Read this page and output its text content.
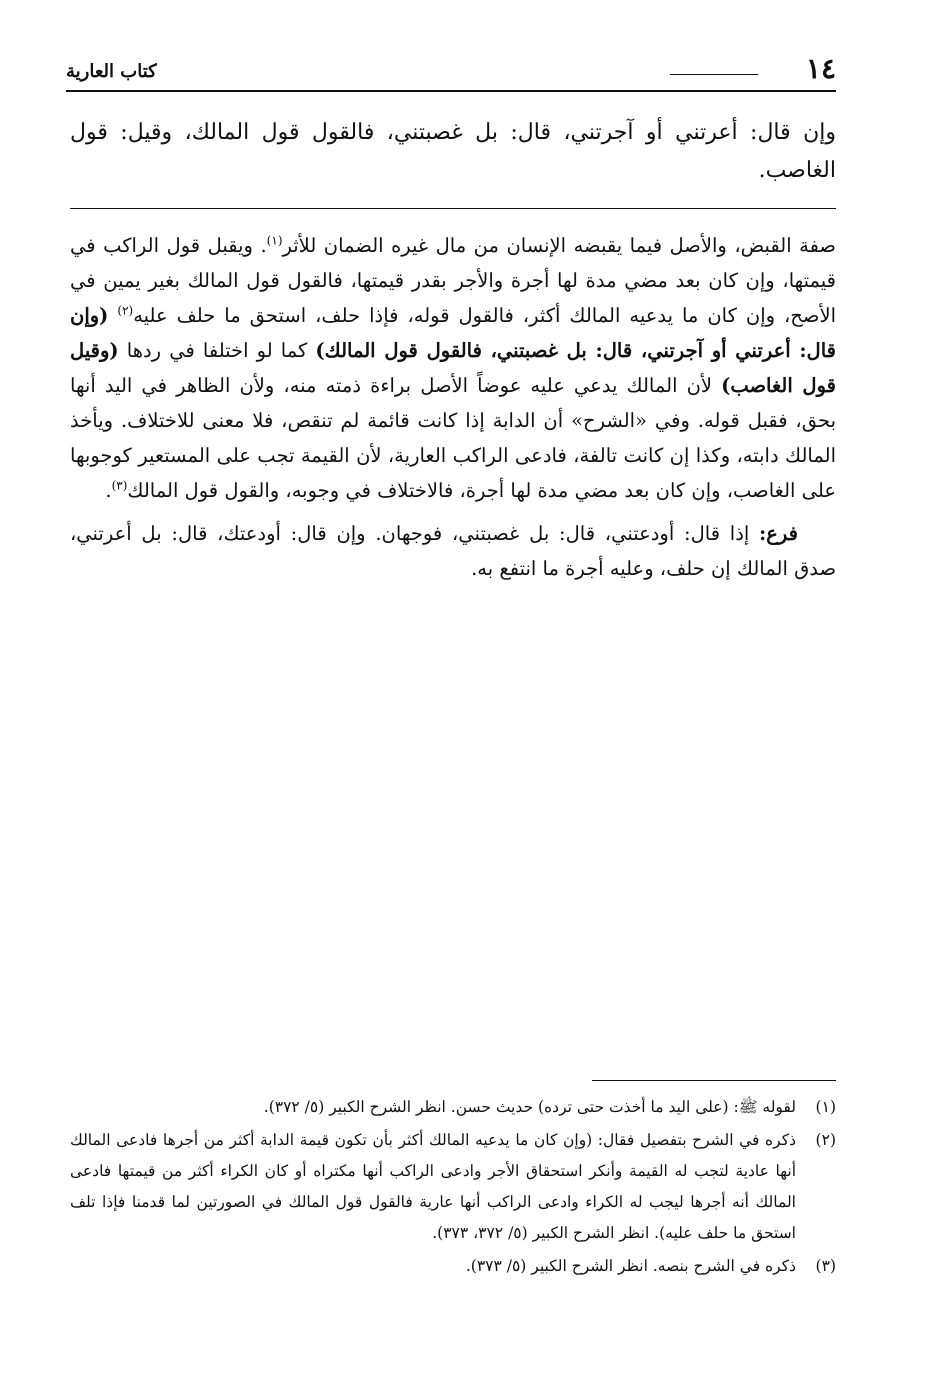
١٤
كتاب العارية

وإن قال: أعرتني أو آجرتني، قال: بل غصبتني، فالقول قول المالك، وقيل: قول الغاصب.

صفة القبض، والأصل فيما يقبضه الإنسان من مال غيره الضمان للأثر$^{(١)}$. ويقبل قول الراكب في قيمتها، وإن كان بعد مضي مدة لها أجرة والأجر بقدر قيمتها، فالقول قول المالك بغير يمين في الأصح، وإن كان ما يدعيه المالك أكثر، فالقول قوله، فإذا حلف، استحق ما حلف عليه$^{(٢)}$ (وإن قال: أعرتني أو آجرتني، قال: بل غصبتني، فالقول قول المالك) كما لو اختلفا في ردها (وقيل قول الغاصب) لأن المالك يدعي عليه عوضاً الأصل براءة ذمته منه، ولأن الظاهر في اليد أنها بحق، فقبل قوله. وفي «الشرح» أن الدابة إذا كانت قائمة لم تنقص، فلا معنى للاختلاف. ويأخذ المالك دابته، وكذا إن كانت تالفة، فادعى الراكب العارية، لأن القيمة تجب على المستعير كوجوبها على الغاصب، وإن كان بعد مضي مدة لها أجرة، فالاختلاف في وجوبه، والقول قول المالك$^{(٣)}$.

فرع: إذا قال: أودعتني، قال: بل غصبتني، فوجهان. وإن قال: أودعتك، قال: بل أعرتني، صدق المالك إن حلف، وعليه أجرة ما انتفع به.

(١)
لقوله ﷺ: (على اليد ما أخذت حتى ترده) حديث حسن. انظر الشرح الكبير (٥/ ٣٧٢).
(٢)
ذكره في الشرح بتفصيل فقال: (وإن كان ما يدعيه المالك أكثر بأن تكون قيمة الدابة أكثر من أجرها فادعى المالك أنها عادية لتجب له القيمة وأنكر استحقاق الأجر وادعى الراكب أنها مكتراه أو كان الكراء أكثر من قيمتها فادعى المالك أنه أجرها ليجب له الكراء وادعى الراكب أنها عارية فالقول قول المالك في الصورتين لما قدمنا فإذا تلف استحق ما حلف عليه). انظر الشرح الكبير (٥/ ٣٧٢، ٣٧٣).
(٣)
ذكره في الشرح بنصه. انظر الشرح الكبير (٥/ ٣٧٣).
